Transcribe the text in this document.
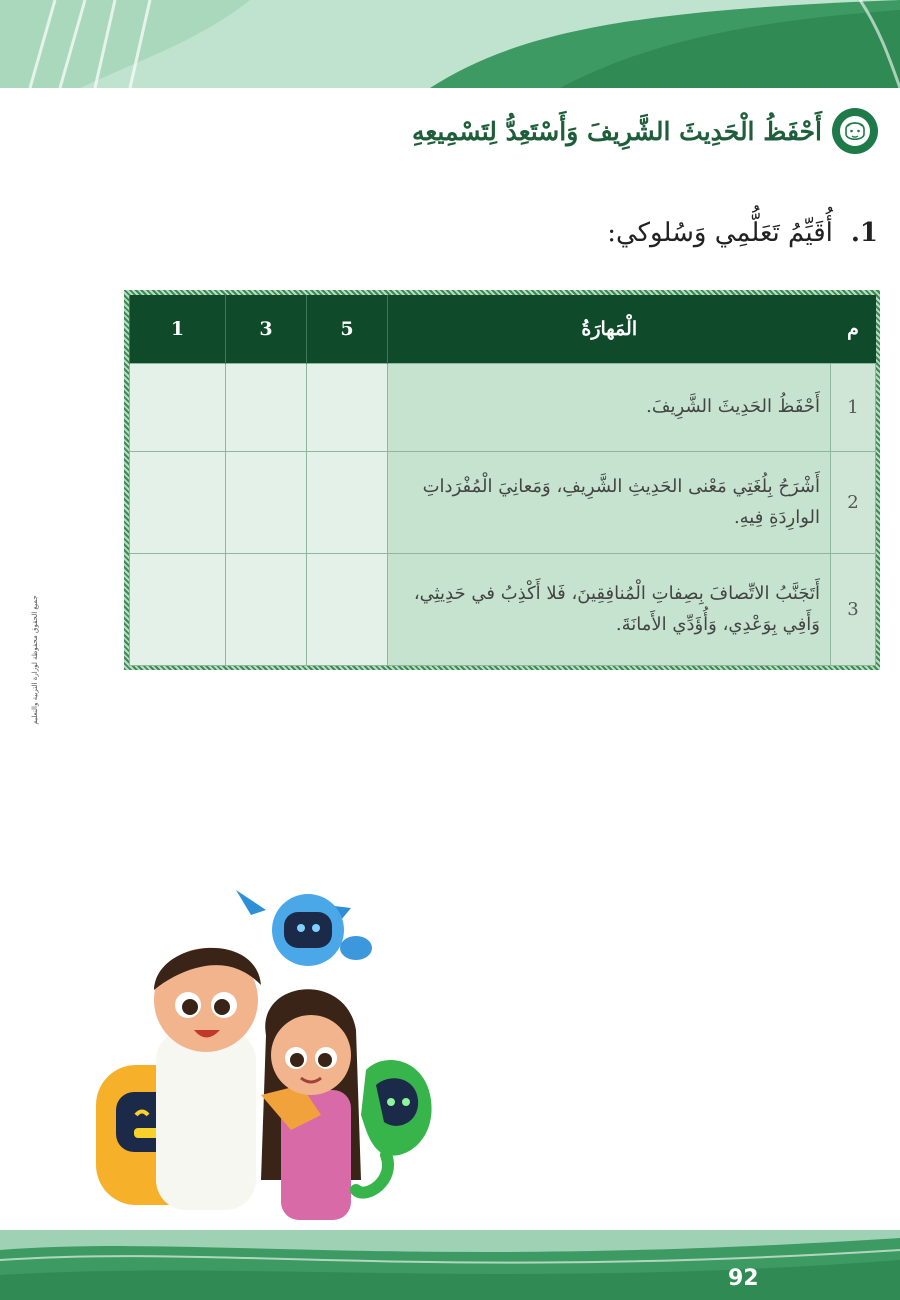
أَحْفَظُ الْحَدِيثَ الشَّرِيفَ وَأَسْتَعِدُّ لِتَسْمِيعِهِ
1.
أُقَيِّمُ تَعَلُّمِي وَسُلوكي:
م	الْمَهارَةُ	5	3	1
1	أَحْفَظُ الحَدِيثَ الشَّرِيفَ.			
2	أَشْرَحُ بِلُغَتِي مَعْنى الحَدِيثِ الشَّرِيفِ، وَمَعانِيَ الْمُفْرَداتِ الوارِدَةِ فِيهِ.			
3	أَتَجَنَّبُ الاتِّصافَ بِصِفاتِ الْمُنافِقِينَ، فَلا أَكْذِبُ في حَدِيثِي، وَأَفِي بِوَعْدِي، وَأُؤَدِّي الأَمانَةَ.			
جميع الحقوق محفوظة لوزارة التربية والتعليم
92
